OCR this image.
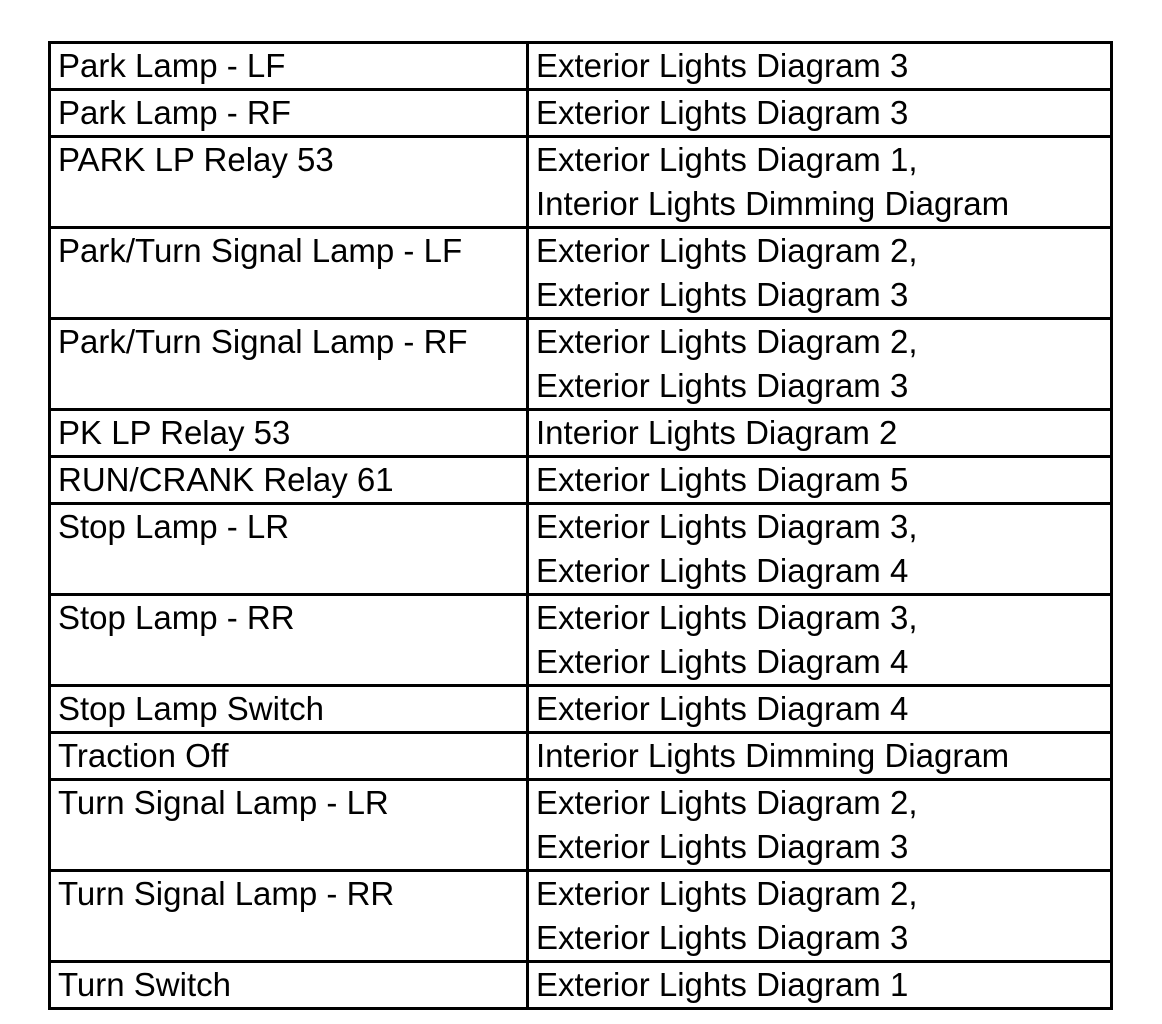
Park Lamp - LF	Exterior Lights Diagram 3

Park Lamp - RF	Exterior Lights Diagram 3

PARK LP Relay 53	Exterior Lights Diagram 1,
Interior Lights Dimming Diagram

Park/Turn Signal Lamp - LF	Exterior Lights Diagram 2,
Exterior Lights Diagram 3

Park/Turn Signal Lamp - RF	Exterior Lights Diagram 2,
Exterior Lights Diagram 3

PK LP Relay 53	Interior Lights Diagram 2

RUN/CRANK Relay 61	Exterior Lights Diagram 5

Stop Lamp - LR	Exterior Lights Diagram 3,
Exterior Lights Diagram 4

Stop Lamp - RR	Exterior Lights Diagram 3,
Exterior Lights Diagram 4

Stop Lamp Switch	Exterior Lights Diagram 4

Traction Off	Interior Lights Dimming Diagram

Turn Signal Lamp - LR	Exterior Lights Diagram 2,
Exterior Lights Diagram 3

Turn Signal Lamp - RR	Exterior Lights Diagram 2,
Exterior Lights Diagram 3

Turn Switch	Exterior Lights Diagram 1
